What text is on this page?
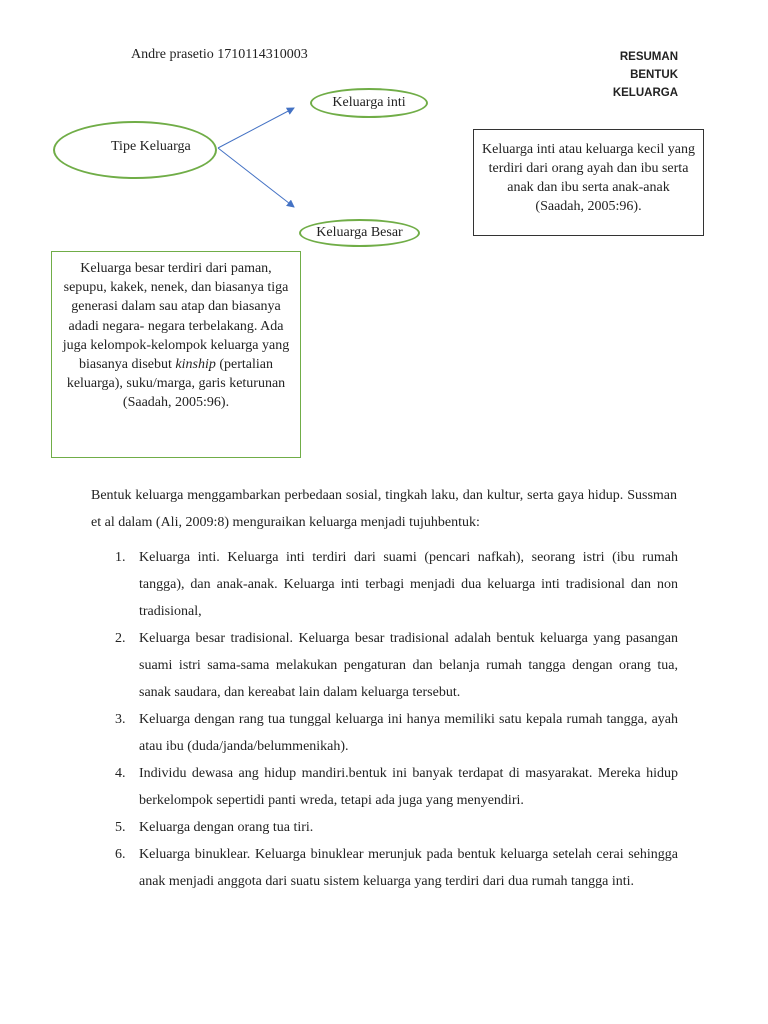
Andre prasetio 1710114310003	RESUMAN
BENTUK
KELUARGA
Tipe Keluarga
Keluarga inti
Keluarga Besar
Keluarga inti atau keluarga kecil yang terdiri dari orang ayah dan ibu serta anak dan ibu serta anak-anak (Saadah, 2005:96).
Keluarga besar terdiri dari paman, sepupu, kakek, nenek, dan biasanya tiga generasi dalam sau atap dan biasanya adadi negara- negara terbelakang. Ada juga kelompok-kelompok keluarga yang biasanya disebut kinship (pertalian keluarga), suku/marga, garis keturunan (Saadah, 2005:96).
Bentuk keluarga menggambarkan perbedaan sosial, tingkah laku, dan kultur, serta gaya hidup. Sussman et al dalam (Ali, 2009:8) menguraikan keluarga menjadi tujuhbentuk:
1. Keluarga inti. Keluarga inti terdiri dari suami (pencari nafkah), seorang istri (ibu rumah tangga), dan anak-anak. Keluarga inti terbagi menjadi dua keluarga inti tradisional dan non tradisional,
2. Keluarga besar tradisional. Keluarga besar tradisional adalah bentuk keluarga yang pasangan suami istri sama-sama melakukan pengaturan dan belanja rumah tangga dengan orang tua, sanak saudara, dan kereabat lain dalam keluarga tersebut.
3. Keluarga dengan rang tua tunggal keluarga ini hanya memiliki satu kepala rumah tangga, ayah atau ibu (duda/janda/belummenikah).
4. Individu dewasa ang hidup mandiri.bentuk ini banyak terdapat di masyarakat. Mereka hidup berkelompok sepertidi panti wreda, tetapi ada juga yang menyendiri.
5. Keluarga dengan orang tua tiri.
6. Keluarga binuklear. Keluarga binuklear merunjuk pada bentuk keluarga setelah cerai sehingga anak menjadi anggota dari suatu sistem keluarga yang terdiri dari dua rumah tangga inti.
